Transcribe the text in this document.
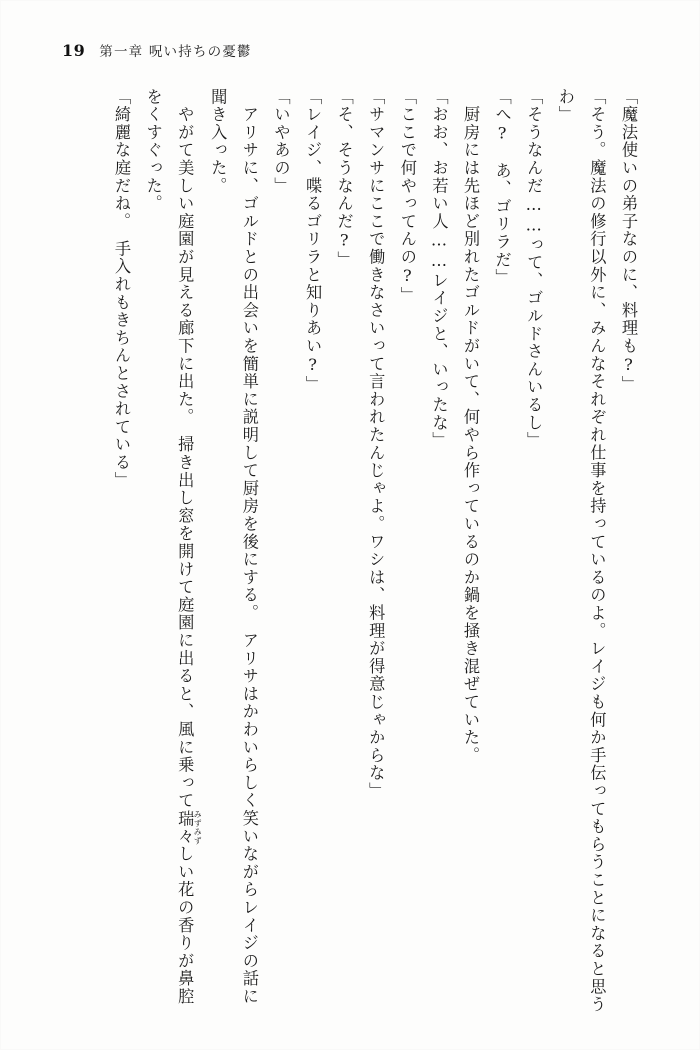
19 第一章 呪い持ちの憂鬱

「魔法使いの弟子なのに、料理も?」

「そう。魔法の修行以外に、みんなそれぞれ仕事を持っているのよ。レイジも何か手伝ってもらうことになると思うわ」

「そうなんだ……って、ゴルドさんいるし」

「へ?　あ、ゴリラだ」

　厨房には先ほど別れたゴルドがいて、何やら作っているのか鍋を掻き混ぜていた。

「おお、お若い人……レイジと、いったな」

「ここで何やってんの?」

「サマンサにここで働きなさいって言われたんじゃよ。ワシは、料理が得意じゃからな」

「そ、そうなんだ?」

「レイジ、喋るゴリラと知りあい?」

「いやあの」

　アリサに、ゴルドとの出会いを簡単に説明して厨房を後にする。　アリサはかわいらしく笑いながらレイジの話に聞き入った。

　やがて美しい庭園が見える廊下に出た。　掃き出し窓を開けて庭園に出ると、風に乗って瑞々 みずみずしい花の香りが鼻腔をくすぐった。

「綺麗な庭だね。　手入れもきちんとされている」
